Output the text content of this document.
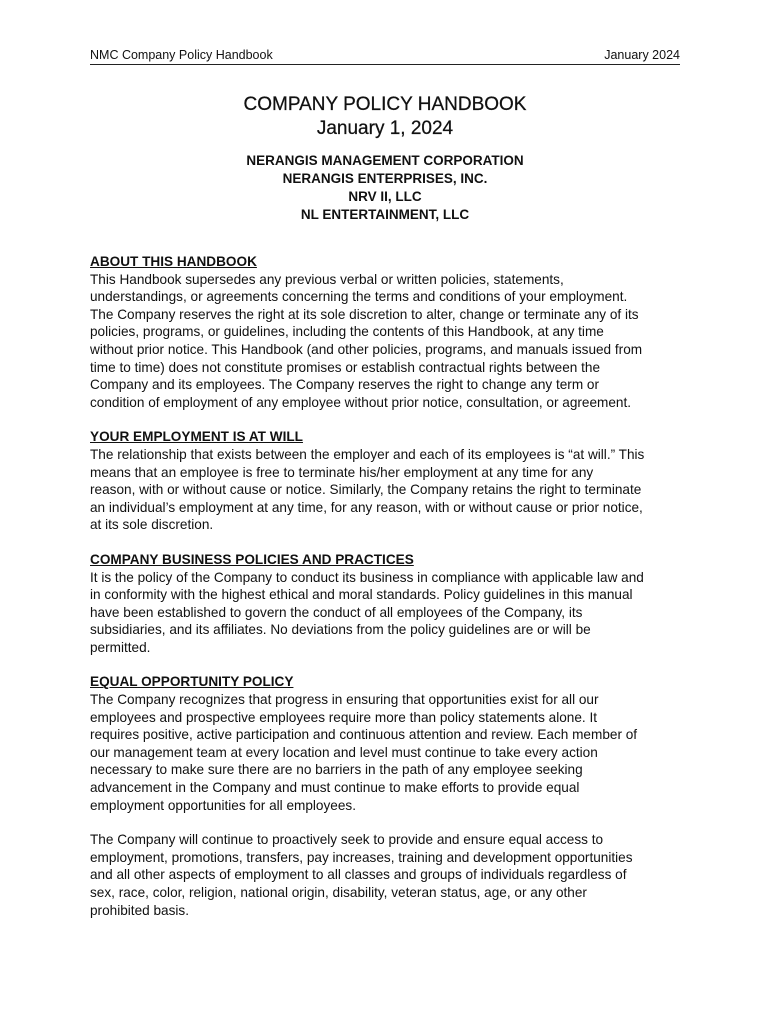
NMC Company Policy Handbook	January 2024
COMPANY POLICY HANDBOOK
January 1, 2024
NERANGIS MANAGEMENT CORPORATION
NERANGIS ENTERPRISES, INC.
NRV II, LLC
NL ENTERTAINMENT, LLC
ABOUT THIS HANDBOOK

This Handbook supersedes any previous verbal or written policies, statements,
understandings, or agreements concerning the terms and conditions of your employment.
The Company reserves the right at its sole discretion to alter, change or terminate any of its
policies, programs, or guidelines, including the contents of this Handbook, at any time
without prior notice. This Handbook (and other policies, programs, and manuals issued from
time to time) does not constitute promises or establish contractual rights between the
Company and its employees. The Company reserves the right to change any term or
condition of employment of any employee without prior notice, consultation, or agreement.

YOUR EMPLOYMENT IS AT WILL

The relationship that exists between the employer and each of its employees is “at will.” This
means that an employee is free to terminate his/her employment at any time for any
reason, with or without cause or notice. Similarly, the Company retains the right to terminate
an individual’s employment at any time, for any reason, with or without cause or prior notice,
at its sole discretion.

COMPANY BUSINESS POLICIES AND PRACTICES

It is the policy of the Company to conduct its business in compliance with applicable law and
in conformity with the highest ethical and moral standards. Policy guidelines in this manual
have been established to govern the conduct of all employees of the Company, its
subsidiaries, and its affiliates. No deviations from the policy guidelines are or will be
permitted.

EQUAL OPPORTUNITY POLICY

The Company recognizes that progress in ensuring that opportunities exist for all our
employees and prospective employees require more than policy statements alone. It
requires positive, active participation and continuous attention and review. Each member of
our management team at every location and level must continue to take every action
necessary to make sure there are no barriers in the path of any employee seeking
advancement in the Company and must continue to make efforts to provide equal
employment opportunities for all employees.

The Company will continue to proactively seek to provide and ensure equal access to
employment, promotions, transfers, pay increases, training and development opportunities
and all other aspects of employment to all classes and groups of individuals regardless of
sex, race, color, religion, national origin, disability, veteran status, age, or any other
prohibited basis.
